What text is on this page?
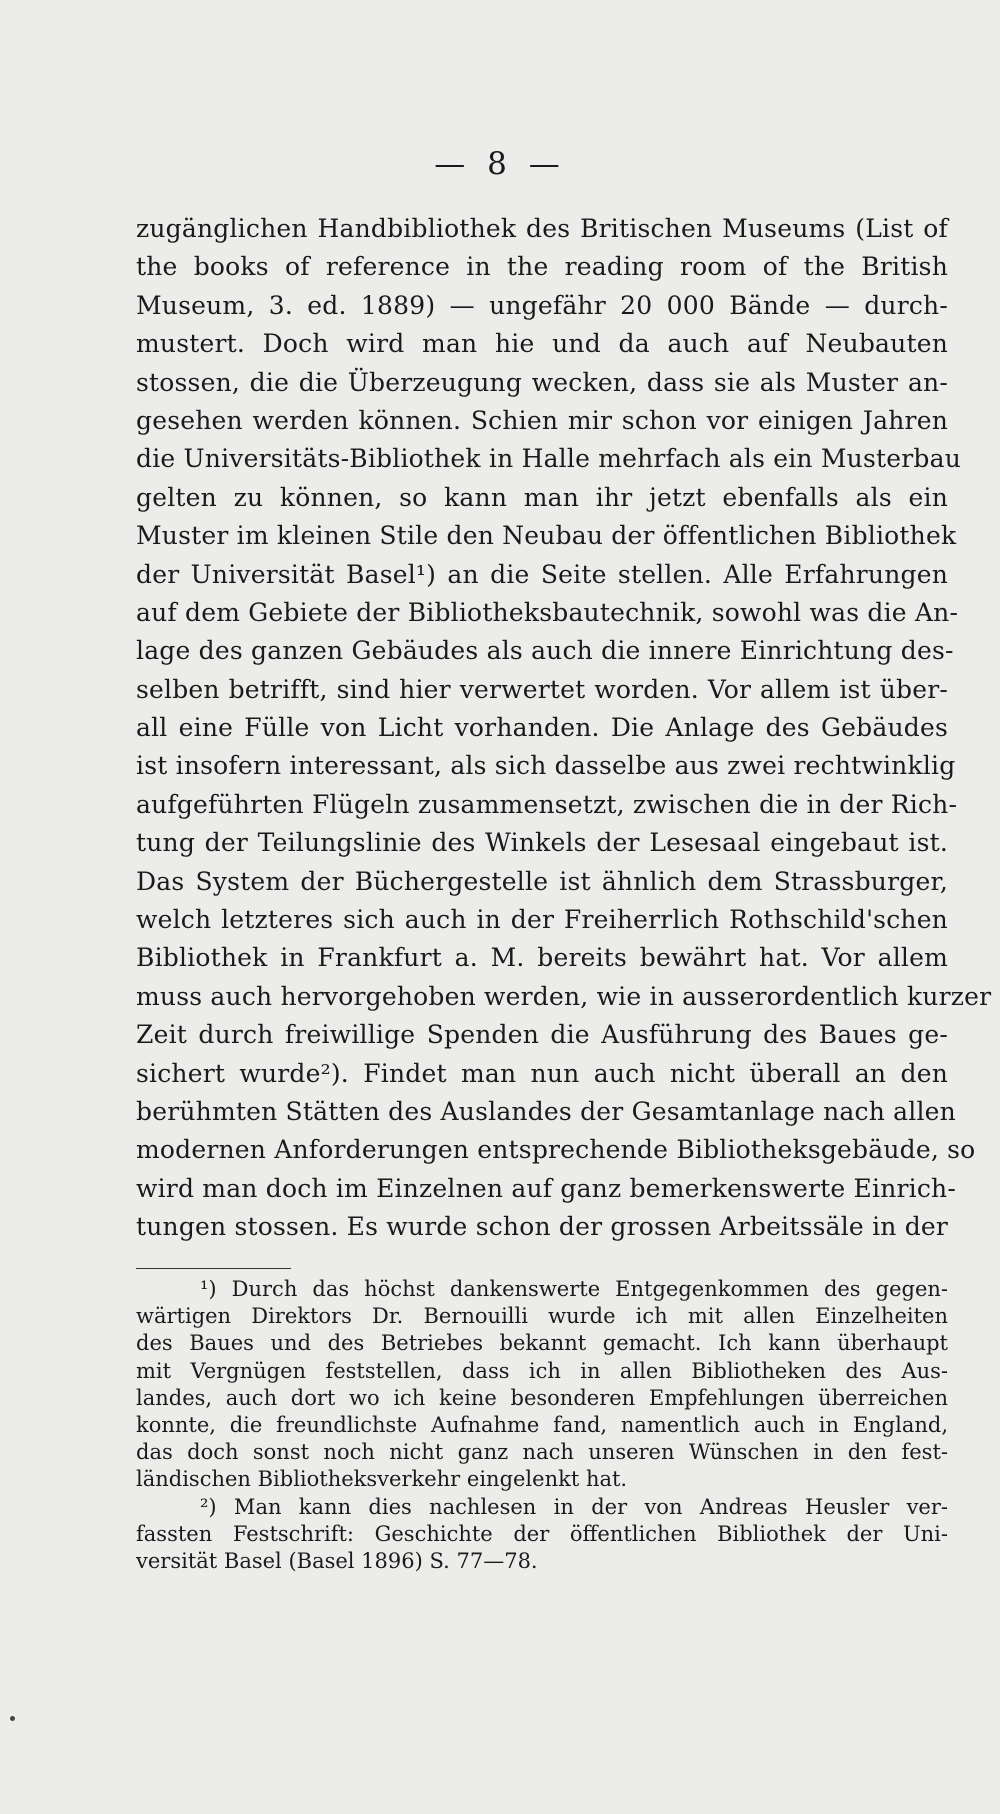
— 8 —
zugänglichen Handbibliothek des Britischen Museums (List of
the books of reference in the reading room of the British
Museum, 3. ed. 1889) — ungefähr 20 000 Bände — durch-
mustert. Doch wird man hie und da auch auf Neubauten
stossen, die die Überzeugung wecken, dass sie als Muster an-
gesehen werden können. Schien mir schon vor einigen Jahren
die Universitäts-Bibliothek in Halle mehrfach als ein Musterbau
gelten zu können, so kann man ihr jetzt ebenfalls als ein
Muster im kleinen Stile den Neubau der öffentlichen Bibliothek
der Universität Basel¹) an die Seite stellen. Alle Erfahrungen
auf dem Gebiete der Bibliotheksbautechnik, sowohl was die An-
lage des ganzen Gebäudes als auch die innere Einrichtung des-
selben betrifft, sind hier verwertet worden. Vor allem ist über-
all eine Fülle von Licht vorhanden. Die Anlage des Gebäudes
ist insofern interessant, als sich dasselbe aus zwei rechtwinklig
aufgeführten Flügeln zusammensetzt, zwischen die in der Rich-
tung der Teilungslinie des Winkels der Lesesaal eingebaut ist.
Das System der Büchergestelle ist ähnlich dem Strassburger,
welch letzteres sich auch in der Freiherrlich Rothschild'schen
Bibliothek in Frankfurt a. M. bereits bewährt hat. Vor allem
muss auch hervorgehoben werden, wie in ausserordentlich kurzer
Zeit durch freiwillige Spenden die Ausführung des Baues ge-
sichert wurde²). Findet man nun auch nicht überall an den
berühmten Stätten des Auslandes der Gesamtanlage nach allen
modernen Anforderungen entsprechende Bibliotheksgebäude, so
wird man doch im Einzelnen auf ganz bemerkenswerte Einrich-
tungen stossen. Es wurde schon der grossen Arbeitssäle in der
¹) Durch das höchst dankenswerte Entgegenkommen des gegen-
wärtigen Direktors Dr. Bernouilli wurde ich mit allen Einzelheiten
des Baues und des Betriebes bekannt gemacht. Ich kann überhaupt
mit Vergnügen feststellen, dass ich in allen Bibliotheken des Aus-
landes, auch dort wo ich keine besonderen Empfehlungen überreichen
konnte, die freundlichste Aufnahme fand, namentlich auch in England,
das doch sonst noch nicht ganz nach unseren Wünschen in den fest-
ländischen Bibliotheksverkehr eingelenkt hat.
²) Man kann dies nachlesen in der von Andreas Heusler ver-
fassten Festschrift: Geschichte der öffentlichen Bibliothek der Uni-
versität Basel (Basel 1896) S. 77—78.
